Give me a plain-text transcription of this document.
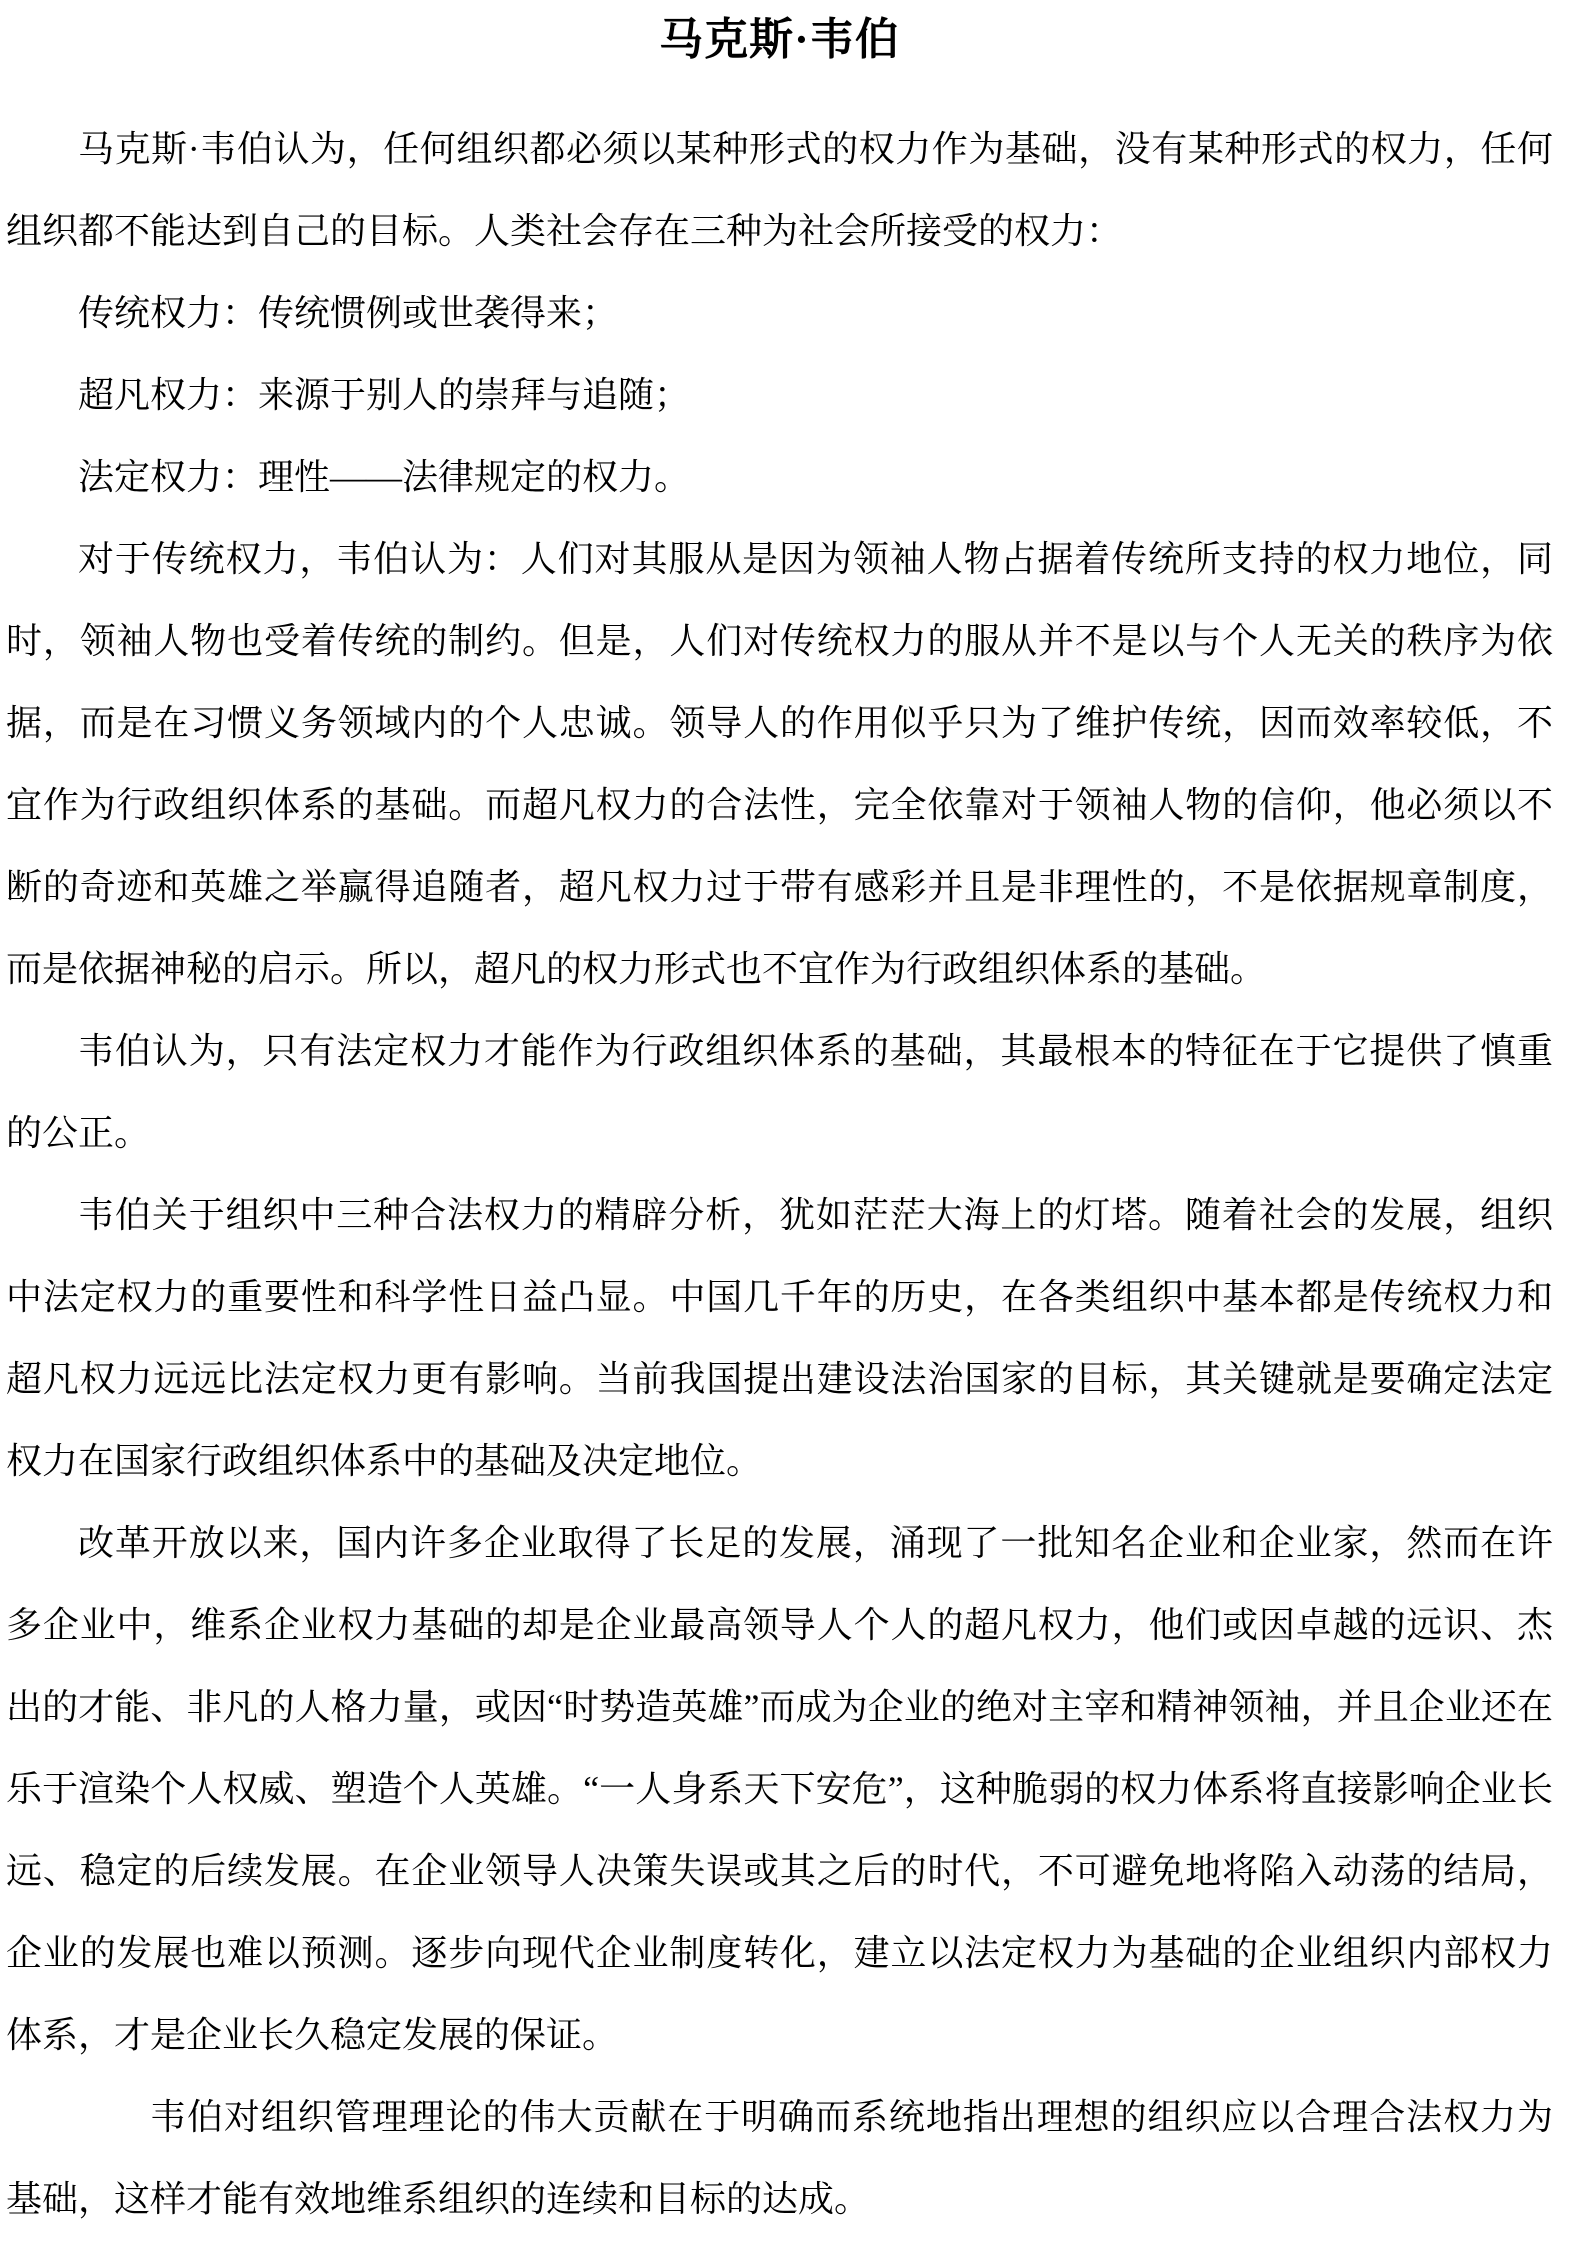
马克斯·韦伯

马克斯·韦伯认为，任何组织都必须以某种形式的权力作为基础，没有某种形式的权力，任何组织都不能达到自己的目标。人类社会存在三种为社会所接受的权力：

传统权力：传统惯例或世袭得来；

超凡权力：来源于别人的崇拜与追随；

法定权力：理性——法律规定的权力。

对于传统权力，韦伯认为：人们对其服从是因为领袖人物占据着传统所支持的权力地位，同时，领袖人物也受着传统的制约。但是，人们对传统权力的服从并不是以与个人无关的秩序为依据，而是在习惯义务领域内的个人忠诚。领导人的作用似乎只为了维护传统，因而效率较低，不宜作为行政组织体系的基础。而超凡权力的合法性，完全依靠对于领袖人物的信仰，他必须以不断的奇迹和英雄之举赢得追随者，超凡权力过于带有感彩并且是非理性的，不是依据规章制度，而是依据神秘的启示。所以，超凡的权力形式也不宜作为行政组织体系的基础。

韦伯认为，只有法定权力才能作为行政组织体系的基础，其最根本的特征在于它提供了慎重的公正。

韦伯关于组织中三种合法权力的精辟分析，犹如茫茫大海上的灯塔。随着社会的发展，组织中法定权力的重要性和科学性日益凸显。中国几千年的历史，在各类组织中基本都是传统权力和超凡权力远远比法定权力更有影响。当前我国提出建设法治国家的目标，其关键就是要确定法定权力在国家行政组织体系中的基础及决定地位。

改革开放以来，国内许多企业取得了长足的发展，涌现了一批知名企业和企业家，然而在许多企业中，维系企业权力基础的却是企业最高领导人个人的超凡权力，他们或因卓越的远识、杰出的才能、非凡的人格力量，或因“时势造英雄”而成为企业的绝对主宰和精神领袖，并且企业还在乐于渲染个人权威、塑造个人英雄。“一人身系天下安危”，这种脆弱的权力体系将直接影响企业长远、稳定的后续发展。在企业领导人决策失误或其之后的时代，不可避免地将陷入动荡的结局，企业的发展也难以预测。逐步向现代企业制度转化，建立以法定权力为基础的企业组织内部权力体系，才是企业长久稳定发展的保证。

韦伯对组织管理理论的伟大贡献在于明确而系统地指出理想的组织应以合理合法权力为基础，这样才能有效地维系组织的连续和目标的达成。
